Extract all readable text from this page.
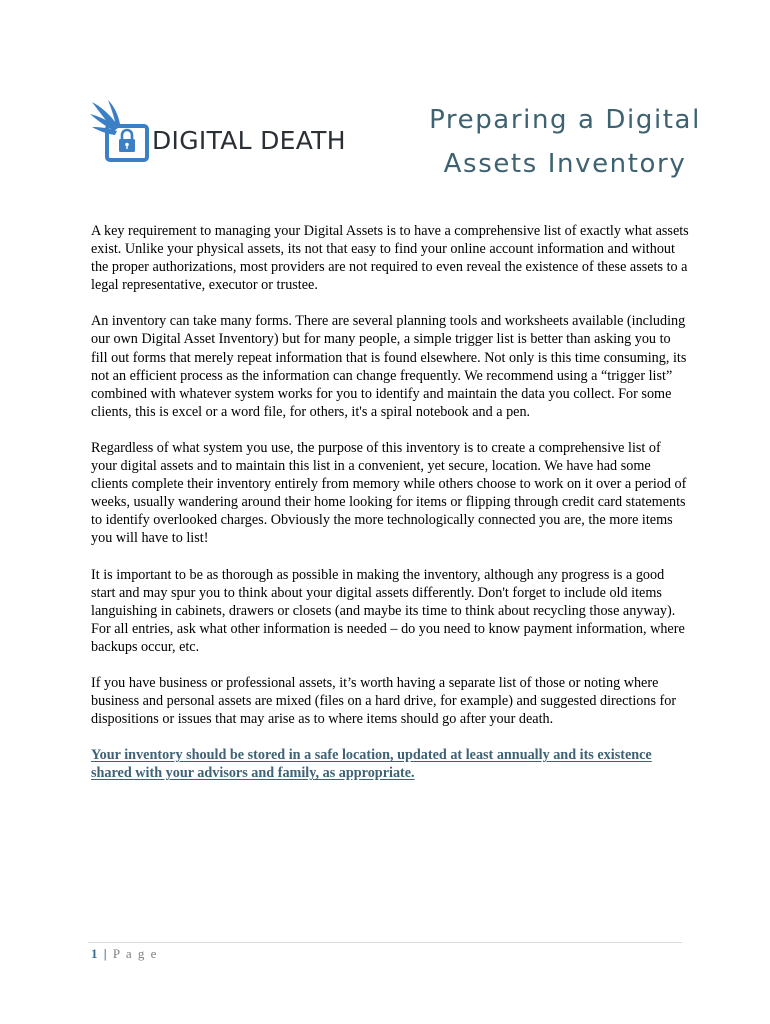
DIGITAL DEATH
Preparing a Digital
Assets Inventory

A key requirement to managing your Digital Assets is to have a comprehensive list of exactly what assets exist. Unlike your physical assets, its not that easy to find your online account information and without the proper authorizations, most providers are not required to even reveal the existence of these assets to a legal representative, executor or trustee.

An inventory can take many forms. There are several planning tools and worksheets available (including our own Digital Asset Inventory) but for many people, a simple trigger list is better than asking you to fill out forms that merely repeat information that is found elsewhere. Not only is this time consuming, its not an efficient process as the information can change frequently. We recommend using a “trigger list” combined with whatever system works for you to identify and maintain the data you collect. For some clients, this is excel or a word file, for others, it's a spiral notebook and a pen.

Regardless of what system you use, the purpose of this inventory is to create a comprehensive list of your digital assets and to maintain this list in a convenient, yet secure, location. We have had some clients complete their inventory entirely from memory while others choose to work on it over a period of weeks, usually wandering around their home looking for items or flipping through credit card statements to identify overlooked charges. Obviously the more technologically connected you are, the more items you will have to list!

It is important to be as thorough as possible in making the inventory, although any progress is a good start and may spur you to think about your digital assets differently. Don't forget to include old items languishing in cabinets, drawers or closets (and maybe its time to think about recycling those anyway). For all entries, ask what other information is needed – do you need to know payment information, where backups occur, etc.

If you have business or professional assets, it’s worth having a separate list of those or noting where business and personal assets are mixed (files on a hard drive, for example) and suggested directions for dispositions or issues that may arise as to where items should go after your death.

Your inventory should be stored in a safe location, updated at least annually and its existence shared with your advisors and family, as appropriate.

1 | P a g e
